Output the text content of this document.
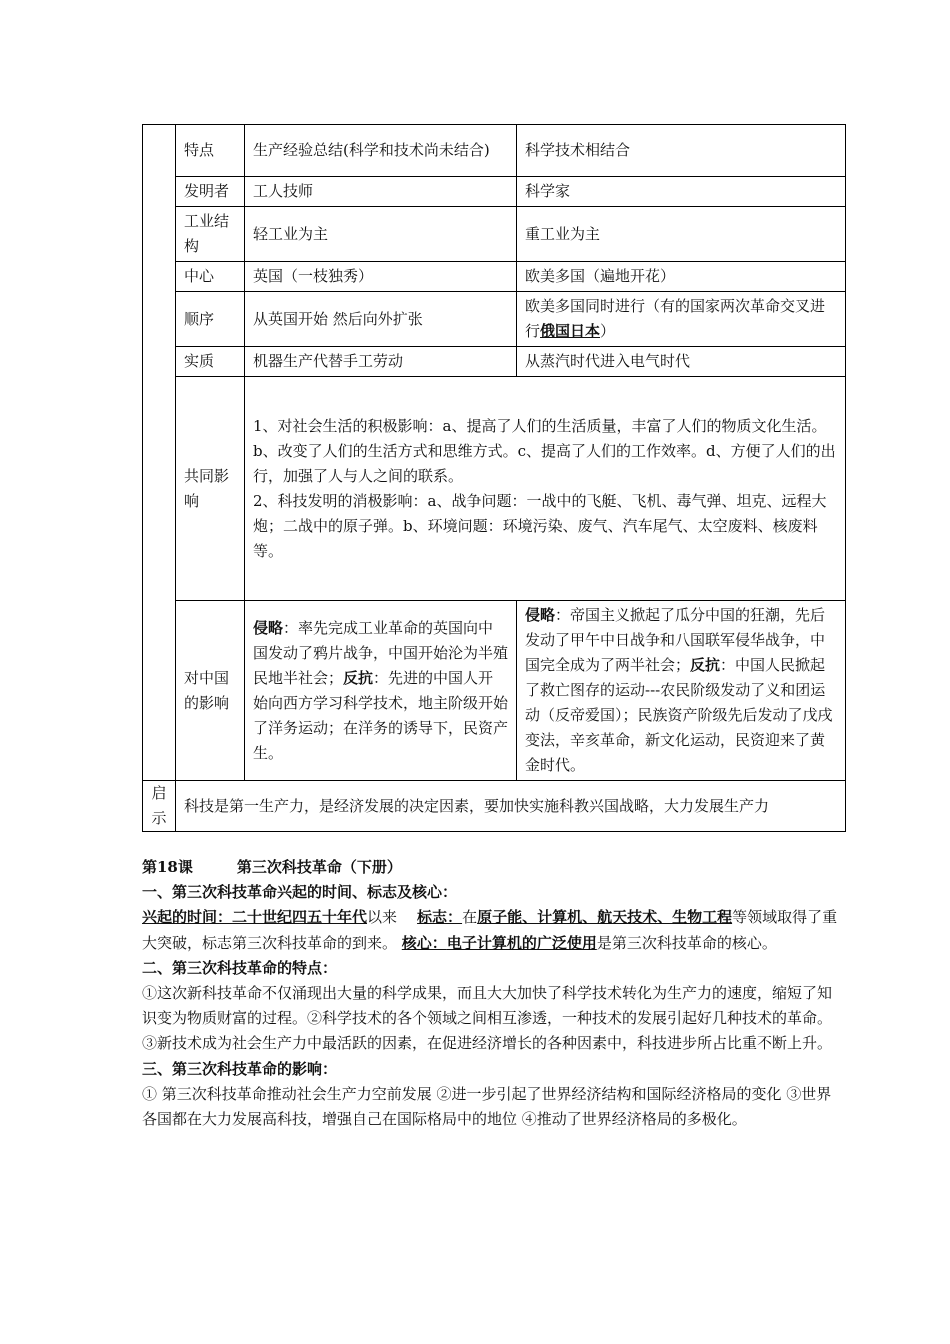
	特点	生产经验总结(科学和技术尚未结合)	科学技术相结合
	发明者	工人技师	科学家
	工业结构	轻工业为主	重工业为主
	中心	英国（一枝独秀）	欧美多国（遍地开花）
	顺序	从英国开始 然后向外扩张	欧美多国同时进行（有的国家两次革命交叉进行俄国日本）
	实质	机器生产代替手工劳动	从蒸汽时代进入电气时代
	共同影响	1、对社会生活的积极影响：a、提高了人们的生活质量，丰富了人们的物质文化生活。b、改变了人们的生活方式和思维方式。c、提高了人们的工作效率。d、方便了人们的出行，加强了人与人之间的联系。
2、科技发明的消极影响：a、战争问题：一战中的飞艇、飞机、毒气弹、坦克、远程大炮；二战中的原子弹。b、环境问题：环境污染、废气、汽车尾气、太空废料、核废料等。	

	对中国的影响	侵略：率先完成工业革命的英国向中国发动了鸦片战争，中国开始沦为半殖民地半社会；反抗：先进的中国人开始向西方学习科学技术，地主阶级开始了洋务运动；在洋务的诱导下，民资产生。	侵略：帝国主义掀起了瓜分中国的狂潮，先后发动了甲午中日战争和八国联军侵华战争，中国完全成为了两半社会；反抗：中国人民掀起了救亡图存的运动---农民阶级发动了义和团运动（反帝爱国）；民族资产阶级先后发动了戊戌变法，辛亥革命，新文化运动，民资迎来了黄金时代。
启示	科技是第一生产力，是经济发展的决定因素，要加快实施科教兴国战略，大力发展生产力		

第18课	第三次科技革命（下册）

一、第三次科技革命兴起的时间、标志及核心：

兴起的时间：二十世纪四五十年代以来 标志：在原子能、计算机、航天技术、生物工程等领域取得了重大突破，标志第三次科技革命的到来。 核心：电子计算机的广泛使用是第三次科技革命的核心。

二、第三次科技革命的特点：

①这次新科技革命不仅涌现出大量的科学成果，而且大大加快了科学技术转化为生产力的速度，缩短了知识变为物质财富的过程。②科学技术的各个领域之间相互渗透，一种技术的发展引起好几种技术的革命。③新技术成为社会生产力中最活跃的因素，在促进经济增长的各种因素中，科技进步所占比重不断上升。

三、第三次科技革命的影响：

① 第三次科技革命推动社会生产力空前发展 ②进一步引起了世界经济结构和国际经济格局的变化 ③世界各国都在大力发展高科技，增强自己在国际格局中的地位 ④推动了世界经济格局的多极化。
